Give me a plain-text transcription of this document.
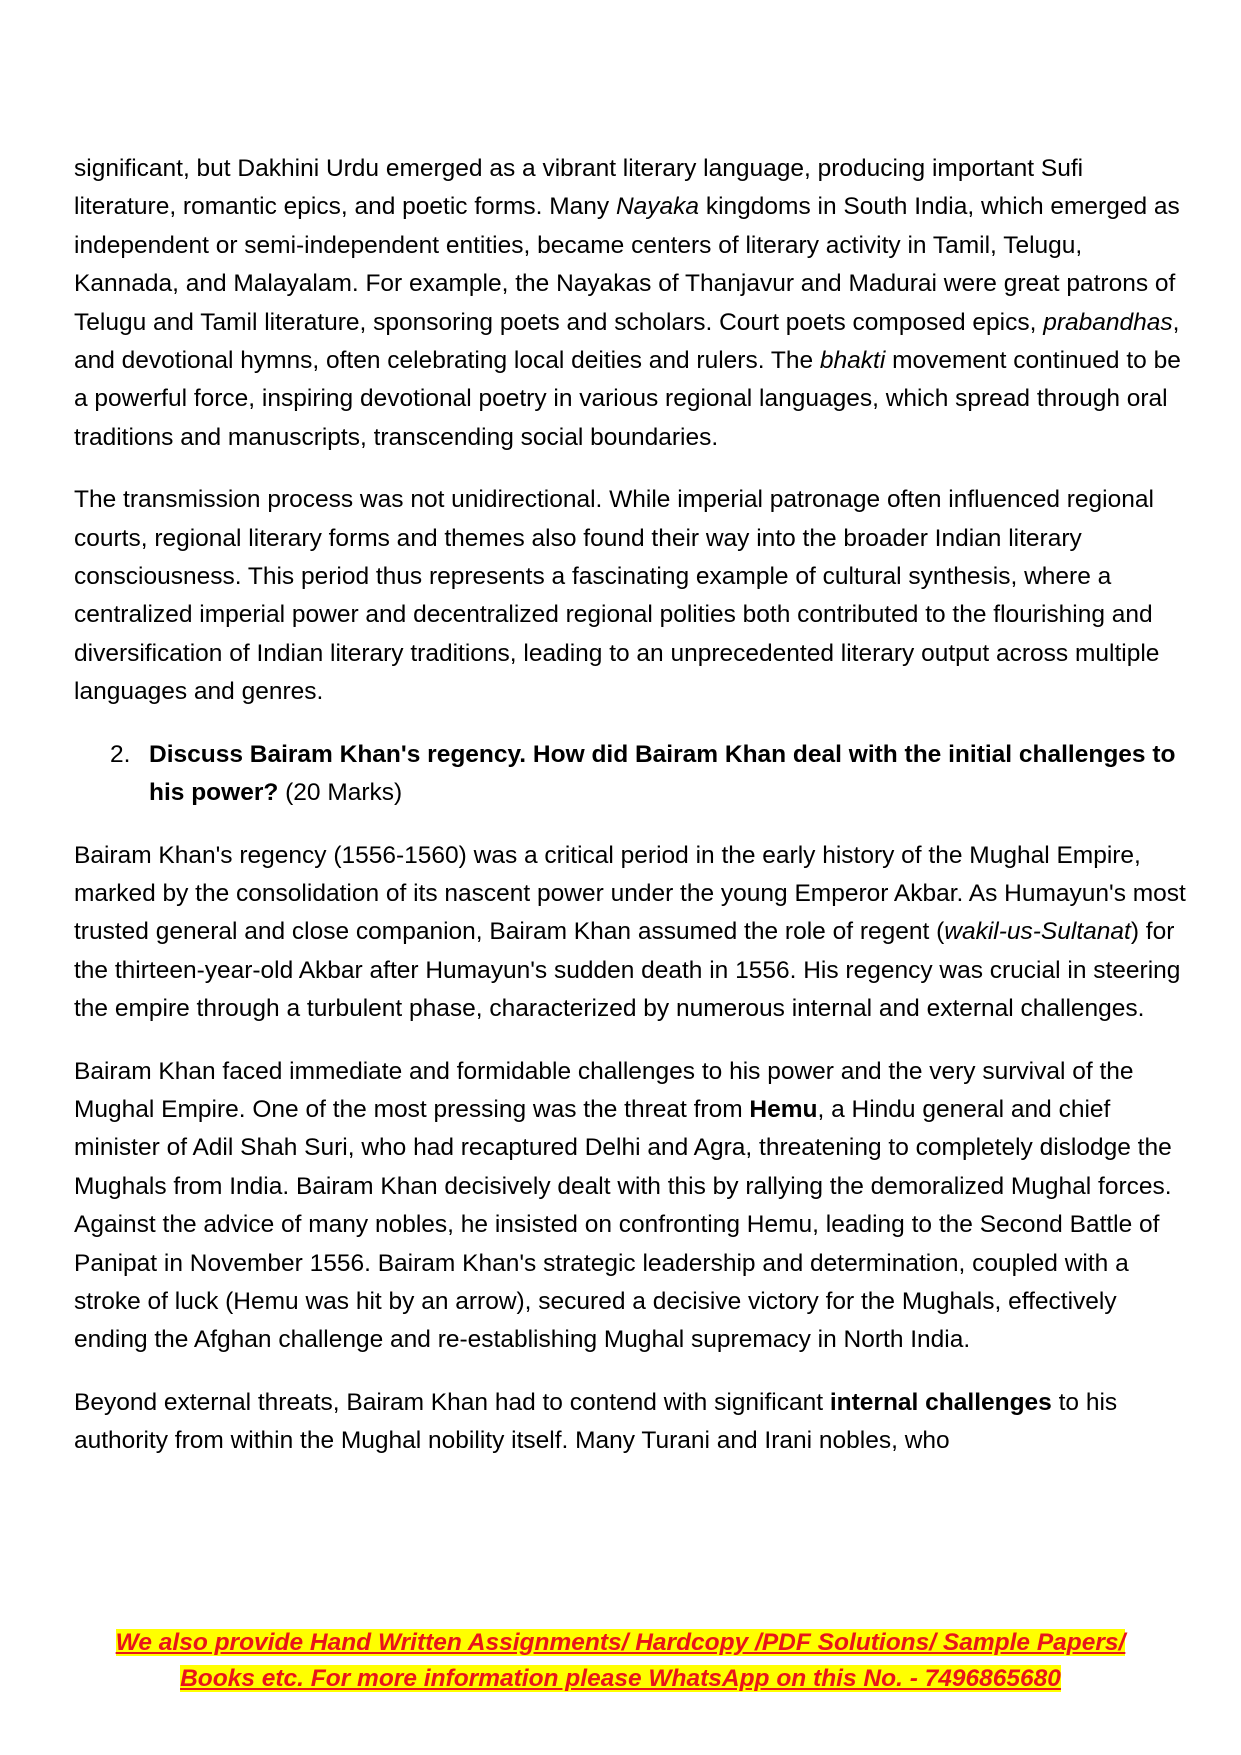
significant, but Dakhini Urdu emerged as a vibrant literary language, producing important Sufi literature, romantic epics, and poetic forms. Many Nayaka kingdoms in South India, which emerged as independent or semi-independent entities, became centers of literary activity in Tamil, Telugu, Kannada, and Malayalam. For example, the Nayakas of Thanjavur and Madurai were great patrons of Telugu and Tamil literature, sponsoring poets and scholars. Court poets composed epics, prabandhas, and devotional hymns, often celebrating local deities and rulers. The bhakti movement continued to be a powerful force, inspiring devotional poetry in various regional languages, which spread through oral traditions and manuscripts, transcending social boundaries.

The transmission process was not unidirectional. While imperial patronage often influenced regional courts, regional literary forms and themes also found their way into the broader Indian literary consciousness. This period thus represents a fascinating example of cultural synthesis, where a centralized imperial power and decentralized regional polities both contributed to the flourishing and diversification of Indian literary traditions, leading to an unprecedented literary output across multiple languages and genres.

2. Discuss Bairam Khan's regency. How did Bairam Khan deal with the initial challenges to his power? (20 Marks)

Bairam Khan's regency (1556-1560) was a critical period in the early history of the Mughal Empire, marked by the consolidation of its nascent power under the young Emperor Akbar. As Humayun's most trusted general and close companion, Bairam Khan assumed the role of regent (wakil-us-Sultanat) for the thirteen-year-old Akbar after Humayun's sudden death in 1556. His regency was crucial in steering the empire through a turbulent phase, characterized by numerous internal and external challenges.

Bairam Khan faced immediate and formidable challenges to his power and the very survival of the Mughal Empire. One of the most pressing was the threat from Hemu, a Hindu general and chief minister of Adil Shah Suri, who had recaptured Delhi and Agra, threatening to completely dislodge the Mughals from India. Bairam Khan decisively dealt with this by rallying the demoralized Mughal forces. Against the advice of many nobles, he insisted on confronting Hemu, leading to the Second Battle of Panipat in November 1556. Bairam Khan's strategic leadership and determination, coupled with a stroke of luck (Hemu was hit by an arrow), secured a decisive victory for the Mughals, effectively ending the Afghan challenge and re-establishing Mughal supremacy in North India.

Beyond external threats, Bairam Khan had to contend with significant internal challenges to his authority from within the Mughal nobility itself. Many Turani and Irani nobles, who

We also provide Hand Written Assignments/ Hardcopy /PDF Solutions/ Sample Papers/
Books etc. For more information please WhatsApp on this No. - 7496865680
